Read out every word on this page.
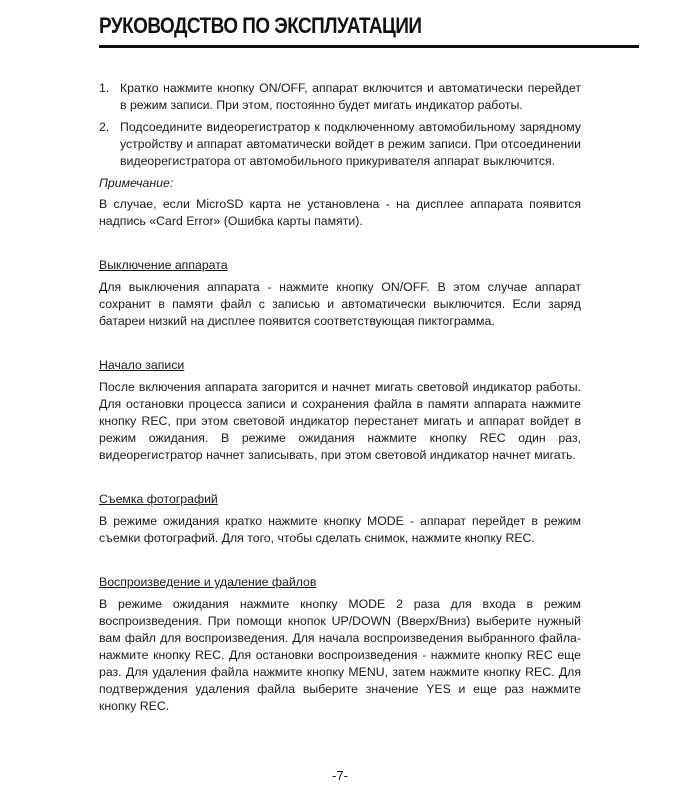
РУКОВОДСТВО ПО ЭКСПЛУАТАЦИИ
1. Кратко нажмите кнопку ON/OFF, аппарат включится и автоматически перейдет в режим записи. При этом, постоянно будет мигать индикатор работы.
2. Подсоедините видеорегистратор к подключенному автомобильному зарядному устройству и аппарат автоматически войдет в режим записи. При отсоединении видеорегистратора от автомобильного прикуривателя аппарат выключится.
Примечание:

В случае, если MicroSD карта не установлена - на дисплее аппарата появится надпись «Card Error» (Ошибка карты памяти).

Выключение аппарата

Для выключения аппарата - нажмите кнопку ON/OFF. В этом случае аппарат сохранит в памяти файл с записью и автоматически выключится. Если заряд батареи низкий на дисплее появится соответствующая пиктограмма.

Начало записи

После включения аппарата загорится и начнет мигать световой индикатор работы. Для остановки процесса записи и сохранения файла в памяти аппарата нажмите кнопку REC, при этом световой индикатор перестанет мигать и аппарат войдет в режим ожидания. В режиме ожидания нажмите кнопку REC один раз, видеорегистратор начнет записывать, при этом световой индикатор начнет мигать.

Съемка фотографий

В режиме ожидания кратко нажмите кнопку MODE - аппарат перейдет в режим съемки фотографий. Для того, чтобы сделать снимок, нажмите кнопку REC.

Воспроизведение и удаление файлов

В режиме ожидания нажмите кнопку MODE 2 раза для входа в режим воспроизведения. При помощи кнопок UP/DOWN (Вверх/Вниз) выберите нужный вам файл для воспроизведения. Для начала воспроизведения выбранного файла- нажмите кнопку REC. Для остановки воспроизведения - нажмите кнопку REC еще раз. Для удаления файла нажмите кнопку MENU, затем нажмите кнопку REC. Для подтверждения удаления файла выберите значение YES и еще раз нажмите кнопку REC.

-7-
